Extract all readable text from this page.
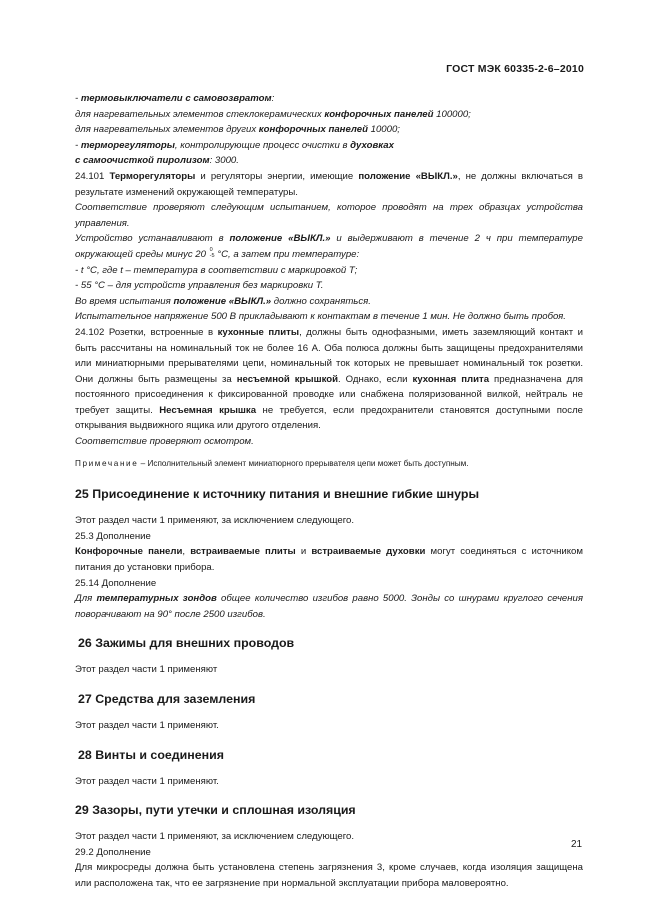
ГОСТ МЭК 60335-2-6–2010

- термовыключатели с самовозвратом:

для нагревательных элементов стеклокерамических конфорочных панелей 100000;

для нагревательных элементов других конфорочных панелей 10000;

- терморегуляторы, контролирующие процесс очистки в духовках

с самоочисткой пиролизом: 3000.

24.101 Терморегуляторы и регуляторы энергии, имеющие положение «ВЫКЛ.», не должны включаться в результате изменений окружающей температуры.

Соответствие проверяют следующим испытанием, которое проводят на трех образцах устройства управления.

Устройство устанавливают в положение «ВЫКЛ.» и выдерживают в течение 2 ч при температуре окружающей среды минус 20 0
-5 °С, а затем при температуре:

- t °С, где t – температура в соответствии с маркировкой Т;

- 55 °С – для устройств управления без маркировки Т.

Во время испытания положение «ВЫКЛ.» должно сохраняться.

Испытательное напряжение 500 В прикладывают к контактам в течение 1 мин. Не должно быть пробоя.

24.102 Розетки, встроенные в кухонные плиты, должны быть однофазными, иметь заземляющий контакт и быть рассчитаны на номинальный ток не более 16 А. Оба полюса должны быть защищены предохранителями или миниатюрными прерывателями цепи, номинальный ток которых не превышает номинальный ток розетки. Они должны быть размещены за несъемной крышкой. Однако, если кухонная плита предназначена для постоянного присоединения к фиксированной проводке или снабжена поляризованной вилкой, нейтраль не требует защиты. Несъемная крышка не требуется, если предохранители становятся доступными после открывания выдвижного ящика или другого отделения.

Соответствие проверяют осмотром.

Примечание – Исполнительный элемент миниатюрного прерывателя цепи может быть доступным.

25 Присоединение к источнику питания и внешние гибкие шнуры

Этот раздел части 1 применяют, за исключением следующего.

25.3 Дополнение

Конфорочные панели, встраиваемые плиты и встраиваемые духовки могут соединяться с источником питания до установки прибора.

25.14 Дополнение

Для температурных зондов общее количество изгибов равно 5000. Зонды со шнурами круглого сечения поворачивают на 90° после 2500 изгибов.

26 Зажимы для внешних проводов

Этот раздел части 1 применяют

27 Средства для заземления

Этот раздел части 1 применяют.

28 Винты и соединения

Этот раздел части 1 применяют.

29 Зазоры, пути утечки и сплошная изоляция

Этот раздел части 1 применяют, за исключением следующего.

29.2 Дополнение

Для микросреды должна быть установлена степень загрязнения 3, кроме случаев, когда изоляция защищена или расположена так, что ее загрязнение при нормальной эксплуатации прибора маловероятно.

21
